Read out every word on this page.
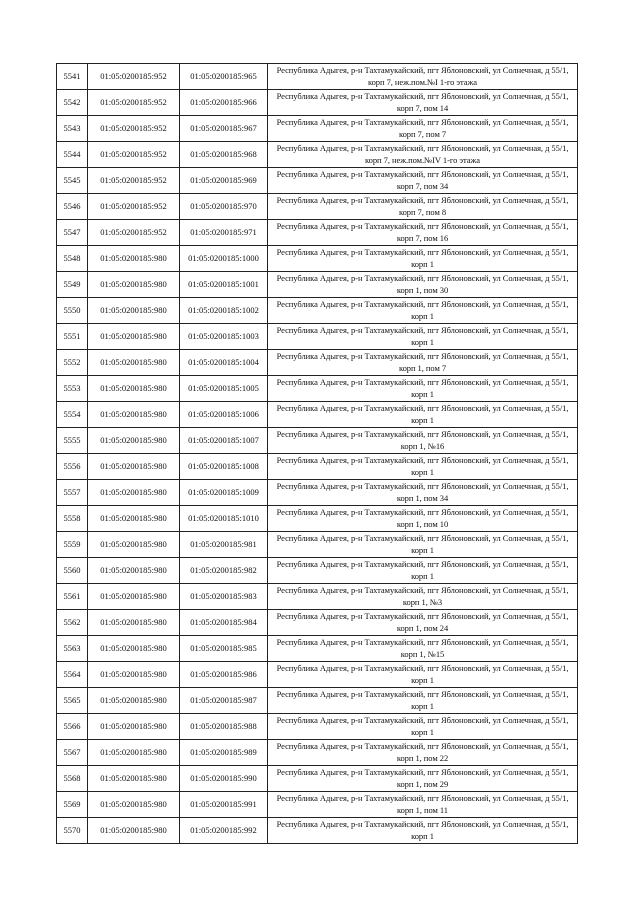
5541	01:05:0200185:952	01:05:0200185:965	Республика Адыгея, р-н Тахтамукайский, пгт Яблоновский, ул Солнечная, д 55/1, корп 7, неж.пом.№I 1-го этажа
5542	01:05:0200185:952	01:05:0200185:966	Республика Адыгея, р-н Тахтамукайский, пгт Яблоновский, ул Солнечная, д 55/1, корп 7, пом 14
5543	01:05:0200185:952	01:05:0200185:967	Республика Адыгея, р-н Тахтамукайский, пгт Яблоновский, ул Солнечная, д 55/1, корп 7, пом 7
5544	01:05:0200185:952	01:05:0200185:968	Республика Адыгея, р-н Тахтамукайский, пгт Яблоновский, ул Солнечная, д 55/1, корп 7, неж.пом.№IV 1-го этажа
5545	01:05:0200185:952	01:05:0200185:969	Республика Адыгея, р-н Тахтамукайский, пгт Яблоновский, ул Солнечная, д 55/1, корп 7, пом 34
5546	01:05:0200185:952	01:05:0200185:970	Республика Адыгея, р-н Тахтамукайский, пгт Яблоновский, ул Солнечная, д 55/1, корп 7, пом 8
5547	01:05:0200185:952	01:05:0200185:971	Республика Адыгея, р-н Тахтамукайский, пгт Яблоновский, ул Солнечная, д 55/1, корп 7, пом 16
5548	01:05:0200185:980	01:05:0200185:1000	Республика Адыгея, р-н Тахтамукайский, пгт Яблоновский, ул Солнечная, д 55/1, корп 1
5549	01:05:0200185:980	01:05:0200185:1001	Республика Адыгея, р-н Тахтамукайский, пгт Яблоновский, ул Солнечная, д 55/1, корп 1, пом 30
5550	01:05:0200185:980	01:05:0200185:1002	Республика Адыгея, р-н Тахтамукайский, пгт Яблоновский, ул Солнечная, д 55/1, корп 1
5551	01:05:0200185:980	01:05:0200185:1003	Республика Адыгея, р-н Тахтамукайский, пгт Яблоновский, ул Солнечная, д 55/1, корп 1
5552	01:05:0200185:980	01:05:0200185:1004	Республика Адыгея, р-н Тахтамукайский, пгт Яблоновский, ул Солнечная, д 55/1, корп 1, пом 7
5553	01:05:0200185:980	01:05:0200185:1005	Республика Адыгея, р-н Тахтамукайский, пгт Яблоновский, ул Солнечная, д 55/1, корп 1
5554	01:05:0200185:980	01:05:0200185:1006	Республика Адыгея, р-н Тахтамукайский, пгт Яблоновский, ул Солнечная, д 55/1, корп 1
5555	01:05:0200185:980	01:05:0200185:1007	Республика Адыгея, р-н Тахтамукайский, пгт Яблоновский, ул Солнечная, д 55/1, корп 1, №16
5556	01:05:0200185:980	01:05:0200185:1008	Республика Адыгея, р-н Тахтамукайский, пгт Яблоновский, ул Солнечная, д 55/1, корп 1
5557	01:05:0200185:980	01:05:0200185:1009	Республика Адыгея, р-н Тахтамукайский, пгт Яблоновский, ул Солнечная, д 55/1, корп 1, пом 34
5558	01:05:0200185:980	01:05:0200185:1010	Республика Адыгея, р-н Тахтамукайский, пгт Яблоновский, ул Солнечная, д 55/1, корп 1, пом 10
5559	01:05:0200185:980	01:05:0200185:981	Республика Адыгея, р-н Тахтамукайский, пгт Яблоновский, ул Солнечная, д 55/1, корп 1
5560	01:05:0200185:980	01:05:0200185:982	Республика Адыгея, р-н Тахтамукайский, пгт Яблоновский, ул Солнечная, д 55/1, корп 1
5561	01:05:0200185:980	01:05:0200185:983	Республика Адыгея, р-н Тахтамукайский, пгт Яблоновский, ул Солнечная, д 55/1, корп 1, №3
5562	01:05:0200185:980	01:05:0200185:984	Республика Адыгея, р-н Тахтамукайский, пгт Яблоновский, ул Солнечная, д 55/1, корп 1, пом 24
5563	01:05:0200185:980	01:05:0200185:985	Республика Адыгея, р-н Тахтамукайский, пгт Яблоновский, ул Солнечная, д 55/1, корп 1, №15
5564	01:05:0200185:980	01:05:0200185:986	Республика Адыгея, р-н Тахтамукайский, пгт Яблоновский, ул Солнечная, д 55/1, корп 1
5565	01:05:0200185:980	01:05:0200185:987	Республика Адыгея, р-н Тахтамукайский, пгт Яблоновский, ул Солнечная, д 55/1, корп 1
5566	01:05:0200185:980	01:05:0200185:988	Республика Адыгея, р-н Тахтамукайский, пгт Яблоновский, ул Солнечная, д 55/1, корп 1
5567	01:05:0200185:980	01:05:0200185:989	Республика Адыгея, р-н Тахтамукайский, пгт Яблоновский, ул Солнечная, д 55/1, корп 1, пом 22
5568	01:05:0200185:980	01:05:0200185:990	Республика Адыгея, р-н Тахтамукайский, пгт Яблоновский, ул Солнечная, д 55/1, корп 1, пом 29
5569	01:05:0200185:980	01:05:0200185:991	Республика Адыгея, р-н Тахтамукайский, пгт Яблоновский, ул Солнечная, д 55/1, корп 1, пом 11
5570	01:05:0200185:980	01:05:0200185:992	Республика Адыгея, р-н Тахтамукайский, пгт Яблоновский, ул Солнечная, д 55/1, корп 1
